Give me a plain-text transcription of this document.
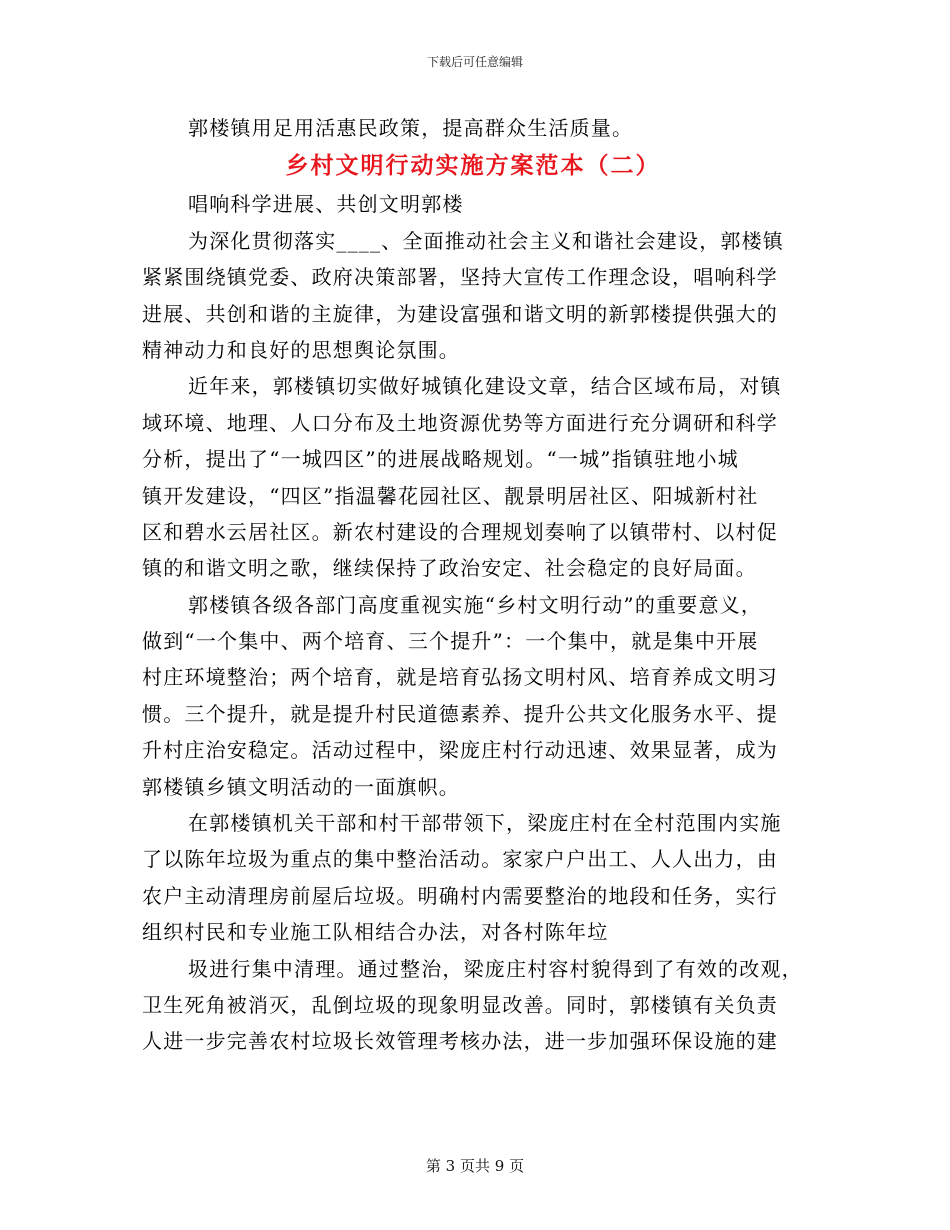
下载后可任意编辑
郭楼镇用足用活惠民政策，提高群众生活质量。
乡村文明行动实施方案范本（二）
唱响科学进展、共创文明郭楼
为深化贯彻落实____、全面推动社会主义和谐社会建设，郭楼镇
紧紧围绕镇党委、政府决策部署，坚持大宣传工作理念设，唱响科学
进展、共创和谐的主旋律，为建设富强和谐文明的新郭楼提供强大的
精神动力和良好的思想舆论氛围。
近年来，郭楼镇切实做好城镇化建设文章，结合区域布局，对镇
域环境、地理、人口分布及土地资源优势等方面进行充分调研和科学
分析，提出了“一城四区”的进展战略规划。“一城”指镇驻地小城
镇开发建设，“四区”指温馨花园社区、靓景明居社区、阳城新村社
区和碧水云居社区。新农村建设的合理规划奏响了以镇带村、以村促
镇的和谐文明之歌，继续保持了政治安定、社会稳定的良好局面。
郭楼镇各级各部门高度重视实施“乡村文明行动”的重要意义，
做到“一个集中、两个培育、三个提升”：一个集中，就是集中开展
村庄环境整治；两个培育，就是培育弘扬文明村风、培育养成文明习
惯。三个提升，就是提升村民道德素养、提升公共文化服务水平、提
升村庄治安稳定。活动过程中，梁庞庄村行动迅速、效果显著，成为
郭楼镇乡镇文明活动的一面旗帜。
在郭楼镇机关干部和村干部带领下，梁庞庄村在全村范围内实施
了以陈年垃圾为重点的集中整治活动。家家户户出工、人人出力，由
农户主动清理房前屋后垃圾。明确村内需要整治的地段和任务，实行
组织村民和专业施工队相结合办法，对各村陈年垃
圾进行集中清理。通过整治，梁庞庄村容村貌得到了有效的改观，
卫生死角被消灭，乱倒垃圾的现象明显改善。同时，郭楼镇有关负责
人进一步完善农村垃圾长效管理考核办法，进一步加强环保设施的建
第 3 页共 9 页
